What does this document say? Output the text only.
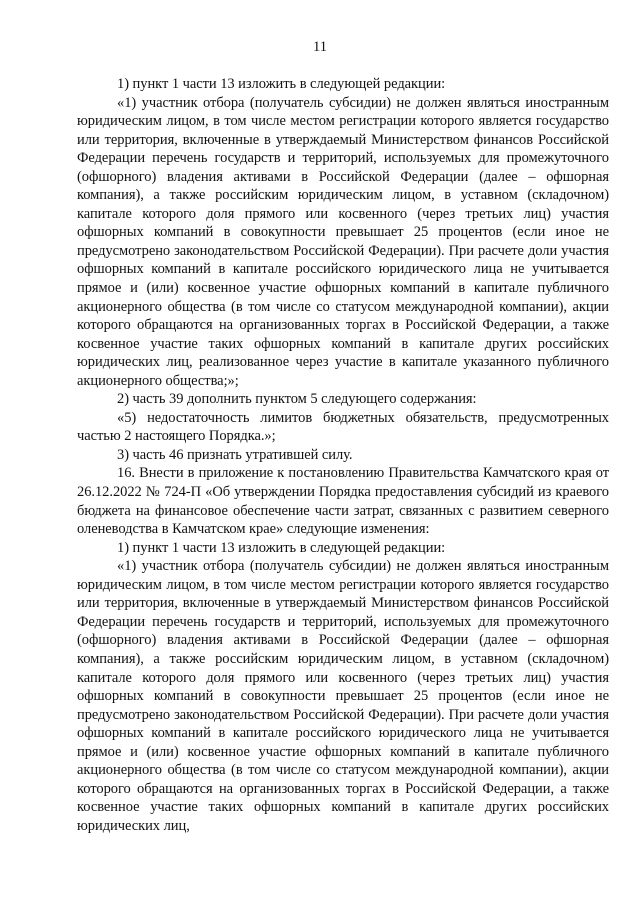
11

1) пункт 1 части 13 изложить в следующей редакции:

«1) участник отбора (получатель субсидии) не должен являться иностранным юридическим лицом, в том числе местом регистрации которого является государство или территория, включенные в утверждаемый Министерством финансов Российской Федерации перечень государств и территорий, используемых для промежуточного (офшорного) владения активами в Российской Федерации (далее – офшорная компания), а также российским юридическим лицом, в уставном (складочном) капитале которого доля прямого или косвенного (через третьих лиц) участия офшорных компаний в совокупности превышает 25 процентов (если иное не предусмотрено законодательством Российской Федерации). При расчете доли участия офшорных компаний в капитале российского юридического лица не учитывается прямое и (или) косвенное участие офшорных компаний в капитале публичного акционерного общества (в том числе со статусом международной компании), акции которого обращаются на организованных торгах в Российской Федерации, а также косвенное участие таких офшорных компаний в капитале других российских юридических лиц, реализованное через участие в капитале указанного публичного акционерного общества;»;

2) часть 39 дополнить пунктом 5 следующего содержания:

«5) недостаточность лимитов бюджетных обязательств, предусмотренных частью 2 настоящего Порядка.»;

3) часть 46 признать утратившей силу.

16. Внести в приложение к постановлению Правительства Камчатского края от 26.12.2022 № 724-П «Об утверждении Порядка предоставления субсидий из краевого бюджета на финансовое обеспечение части затрат, связанных с развитием северного оленеводства в Камчатском крае» следующие изменения:

1) пункт 1 части 13 изложить в следующей редакции:

«1) участник отбора (получатель субсидии) не должен являться иностранным юридическим лицом, в том числе местом регистрации которого является государство или территория, включенные в утверждаемый Министерством финансов Российской Федерации перечень государств и территорий, используемых для промежуточного (офшорного) владения активами в Российской Федерации (далее – офшорная компания), а также российским юридическим лицом, в уставном (складочном) капитале которого доля прямого или косвенного (через третьих лиц) участия офшорных компаний в совокупности превышает 25 процентов (если иное не предусмотрено законодательством Российской Федерации). При расчете доли участия офшорных компаний в капитале российского юридического лица не учитывается прямое и (или) косвенное участие офшорных компаний в капитале публичного акционерного общества (в том числе со статусом международной компании), акции которого обращаются на организованных торгах в Российской Федерации, а также косвенное участие таких офшорных компаний в капитале других российских юридических лиц,
